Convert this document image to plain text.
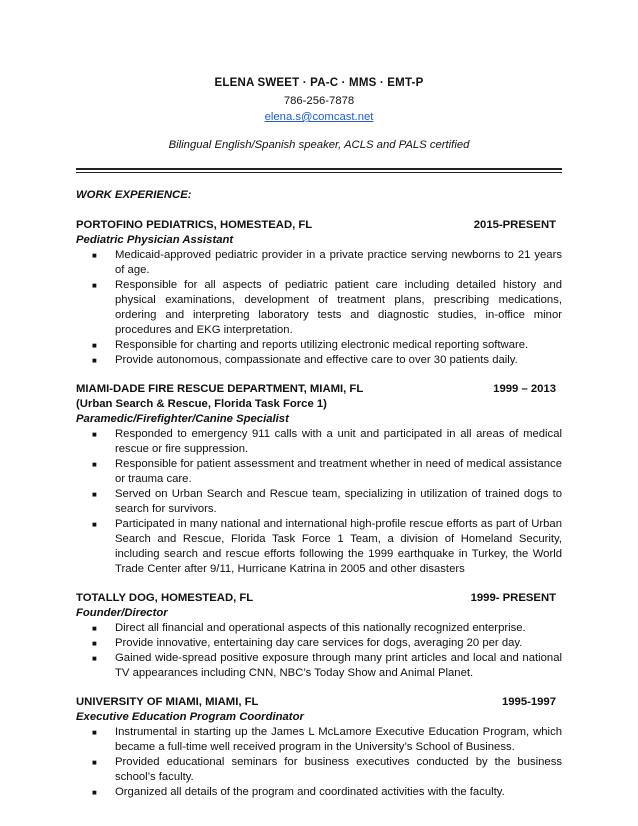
ELENA SWEET · PA-C · MMS · EMT-P
786-256-7878
elena.s@comcast.net
Bilingual English/Spanish speaker, ACLS and PALS certified
WORK EXPERIENCE:
PORTOFINO PEDIATRICS, HOMESTEAD, FL	2015-PRESENT
Pediatric Physician Assistant
■ Medicaid-approved pediatric provider in a private practice serving newborns to 21 years of age.
■ Responsible for all aspects of pediatric patient care including detailed history and physical examinations, development of treatment plans, prescribing medications, ordering and interpreting laboratory tests and diagnostic studies, in-office minor procedures and EKG interpretation.
■ Responsible for charting and reports utilizing electronic medical reporting software.
■ Provide autonomous, compassionate and effective care to over 30 patients daily.
MIAMI-DADE FIRE RESCUE DEPARTMENT, MIAMI, FL	1999 – 2013
(Urban Search & Rescue, Florida Task Force 1)
Paramedic/Firefighter/Canine Specialist
■ Responded to emergency 911 calls with a unit and participated in all areas of medical rescue or fire suppression.
■ Responsible for patient assessment and treatment whether in need of medical assistance or trauma care.
■ Served on Urban Search and Rescue team, specializing in utilization of trained dogs to search for survivors.
■ Participated in many national and international high-profile rescue efforts as part of Urban Search and Rescue, Florida Task Force 1 Team, a division of Homeland Security, including search and rescue efforts following the 1999 earthquake in Turkey, the World Trade Center after 9/11, Hurricane Katrina in 2005 and other disasters
TOTALLY DOG, HOMESTEAD, FL	1999- PRESENT
Founder/Director
■ Direct all financial and operational aspects of this nationally recognized enterprise.
■ Provide innovative, entertaining day care services for dogs, averaging 20 per day.
■ Gained wide-spread positive exposure through many print articles and local and national TV appearances including CNN, NBC’s Today Show and Animal Planet.
UNIVERSITY OF MIAMI, MIAMI, FL	1995-1997
Executive Education Program Coordinator
■ Instrumental in starting up the James L McLamore Executive Education Program, which became a full-time well received program in the University’s School of Business.
■ Provided educational seminars for business executives conducted by the business school’s faculty.
■ Organized all details of the program and coordinated activities with the faculty.
